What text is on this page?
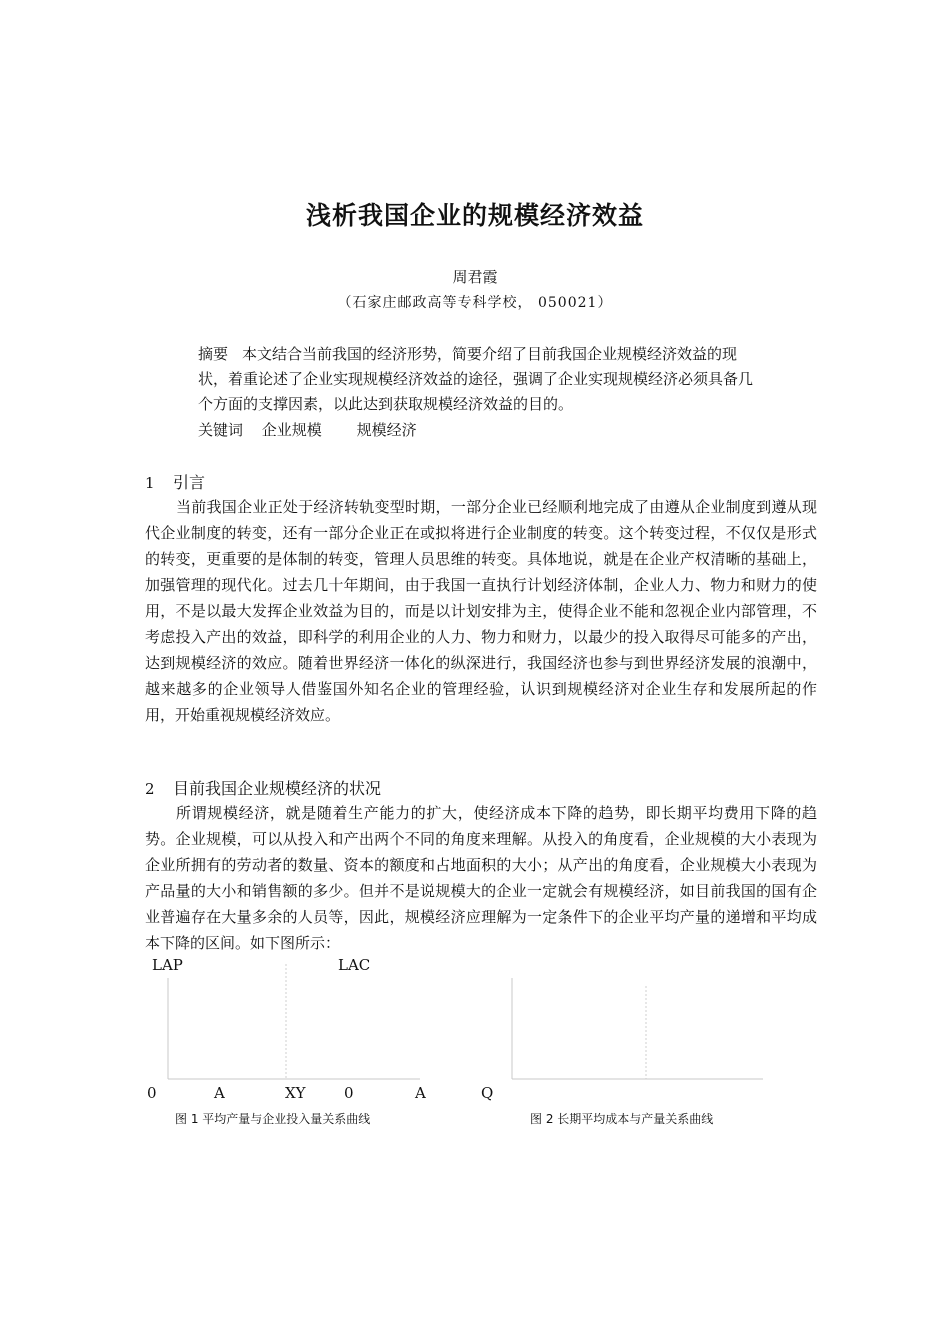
浅析我国企业的规模经济效益
周君霞
（石家庄邮政高等专科学校， 050021）
摘要 本文结合当前我国的经济形势，简要介绍了目前我国企业规模经济效益的现状，着重论述了企业实现规模经济效益的途径，强调了企业实现规模经济必须具备几个方面的支撑因素，以此达到获取规模经济效益的目的。
关键词 企业规模 规模经济
1 引言

当前我国企业正处于经济转轨变型时期，一部分企业已经顺利地完成了由遵从企业制度到遵从现代企业制度的转变，还有一部分企业正在或拟将进行企业制度的转变。这个转变过程，不仅仅是形式的转变，更重要的是体制的转变，管理人员思维的转变。具体地说，就是在企业产权清晰的基础上，加强管理的现代化。过去几十年期间，由于我国一直执行计划经济体制，企业人力、物力和财力的使用，不是以最大发挥企业效益为目的，而是以计划安排为主，使得企业不能和忽视企业内部管理，不考虑投入产出的效益，即科学的利用企业的人力、物力和财力，以最少的投入取得尽可能多的产出，达到规模经济的效应。随着世界经济一体化的纵深进行，我国经济也参与到世界经济发展的浪潮中，越来越多的企业领导人借鉴国外知名企业的管理经验，认识到规模经济对企业生存和发展所起的作用，开始重视规模经济效应。

2 目前我国企业规模经济的状况

所谓规模经济，就是随着生产能力的扩大，使经济成本下降的趋势，即长期平均费用下降的趋势。企业规模，可以从投入和产出两个不同的角度来理解。从投入的角度看，企业规模的大小表现为企业所拥有的劳动者的数量、资本的额度和占地面积的大小；从产出的角度看，企业规模大小表现为产品量的大小和销售额的多少。但并不是说规模大的企业一定就会有规模经济，如目前我国的国有企业普遍存在大量多余的人员等，因此，规模经济应理解为一定条件下的企业平均产量的递增和平均成本下降的区间。如下图所示：

LAP	LAC
0	A	XY	0	A	Q
图 1 平均产量与企业投入量关系曲线	图 2 长期平均成本与产量关系曲线
